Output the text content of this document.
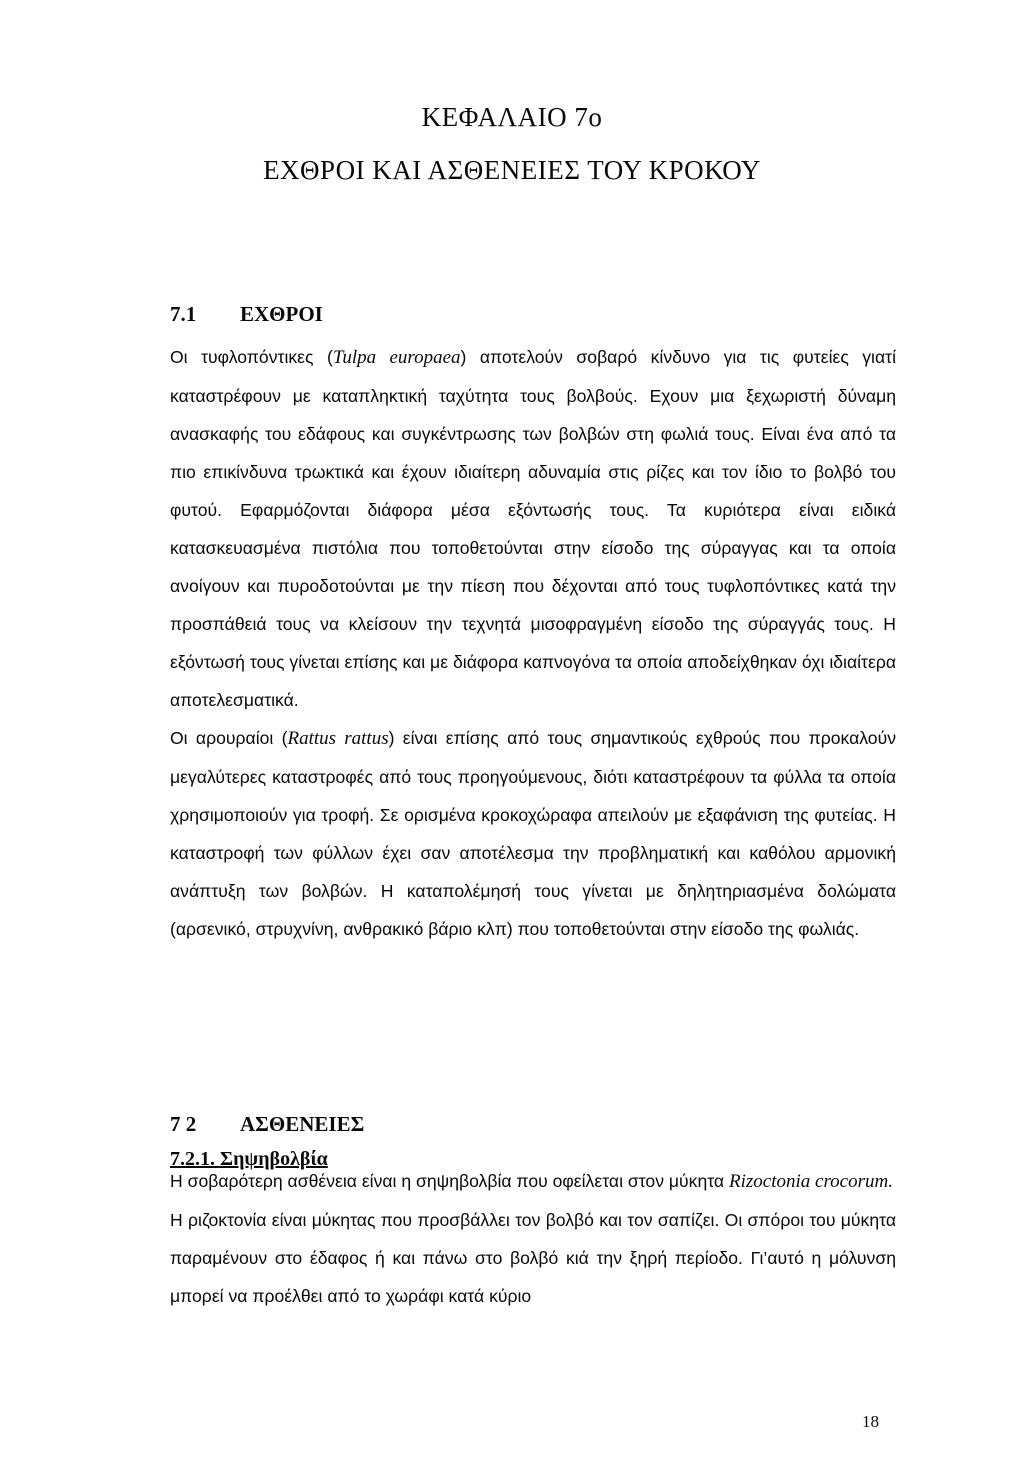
ΚΕΦΑΛΑΙΟ 7ο
ΕΧΘΡΟΙ ΚΑΙ ΑΣΘΕΝΕΙΕΣ ΤΟΥ ΚΡΟΚΟΥ
7.1 ΕΧΘΡΟΙ

Οι τυφλοπόντικες (Tulpa europaea) αποτελούν σοβαρό κίνδυνο για τις φυτείες γιατί καταστρέφουν με καταπληκτική ταχύτητα τους βολβούς. Εχουν μια ξεχωριστή δύναμη ανασκαφής του εδάφους και συγκέντρωσης των βολβών στη φωλιά τους. Είναι ένα από τα πιο επικίνδυνα τρωκτικά και έχουν ιδιαίτερη αδυναμία στις ρίζες και τον ίδιο το βολβό του φυτού. Εφαρμόζονται διάφορα μέσα εξόντωσής τους. Τα κυριότερα είναι ειδικά κατασκευασμένα πιστόλια που τοποθετούνται στην είσοδο της σύραγγας και τα οποία ανοίγουν και πυροδοτούνται με την πίεση που δέχονται από τους τυφλοπόντικες κατά την προσπάθειά τους να κλείσουν την τεχνητά μισοφραγμένη είσοδο της σύραγγάς τους. Η εξόντωσή τους γίνεται επίσης και με διάφορα καπνογόνα τα οποία αποδείχθηκαν όχι ιδιαίτερα αποτελεσματικά.

Οι αρουραίοι (Rattus rattus) είναι επίσης από τους σημαντικούς εχθρούς που προκαλούν μεγαλύτερες καταστροφές από τους προηγούμενους, διότι καταστρέφουν τα φύλλα τα οποία χρησιμοποιούν για τροφή. Σε ορισμένα κροκοχώραφα απειλούν με εξαφάνιση της φυτείας. Η καταστροφή των φύλλων έχει σαν αποτέλεσμα την προβληματική και καθόλου αρμονική ανάπτυξη των βολβών. Η καταπολέμησή τους γίνεται με δηλητηριασμένα δολώματα (αρσενικό, στρυχνίνη, ανθρακικό βάριο κλπ) που τοποθετούνται στην είσοδο της φωλιάς.

7 2 ΑΣΘΕΝΕΙΕΣ
7.2.1. Σηψηβολβία

Η σοβαρότερη ασθένεια είναι η σηψηβολβία που οφείλεται στον μύκητα Rizoctonia crocorum.

Η ριζοκτονία είναι μύκητας που προσβάλλει τον βολβό και τον σαπίζει. Οι σπόροι του μύκητα παραμένουν στο έδαφος ή και πάνω στο βολβό κιά την ξηρή περίοδο. Γι’αυτό η μόλυνση μπορεί να προέλθει από το χωράφι κατά κύριο

18
